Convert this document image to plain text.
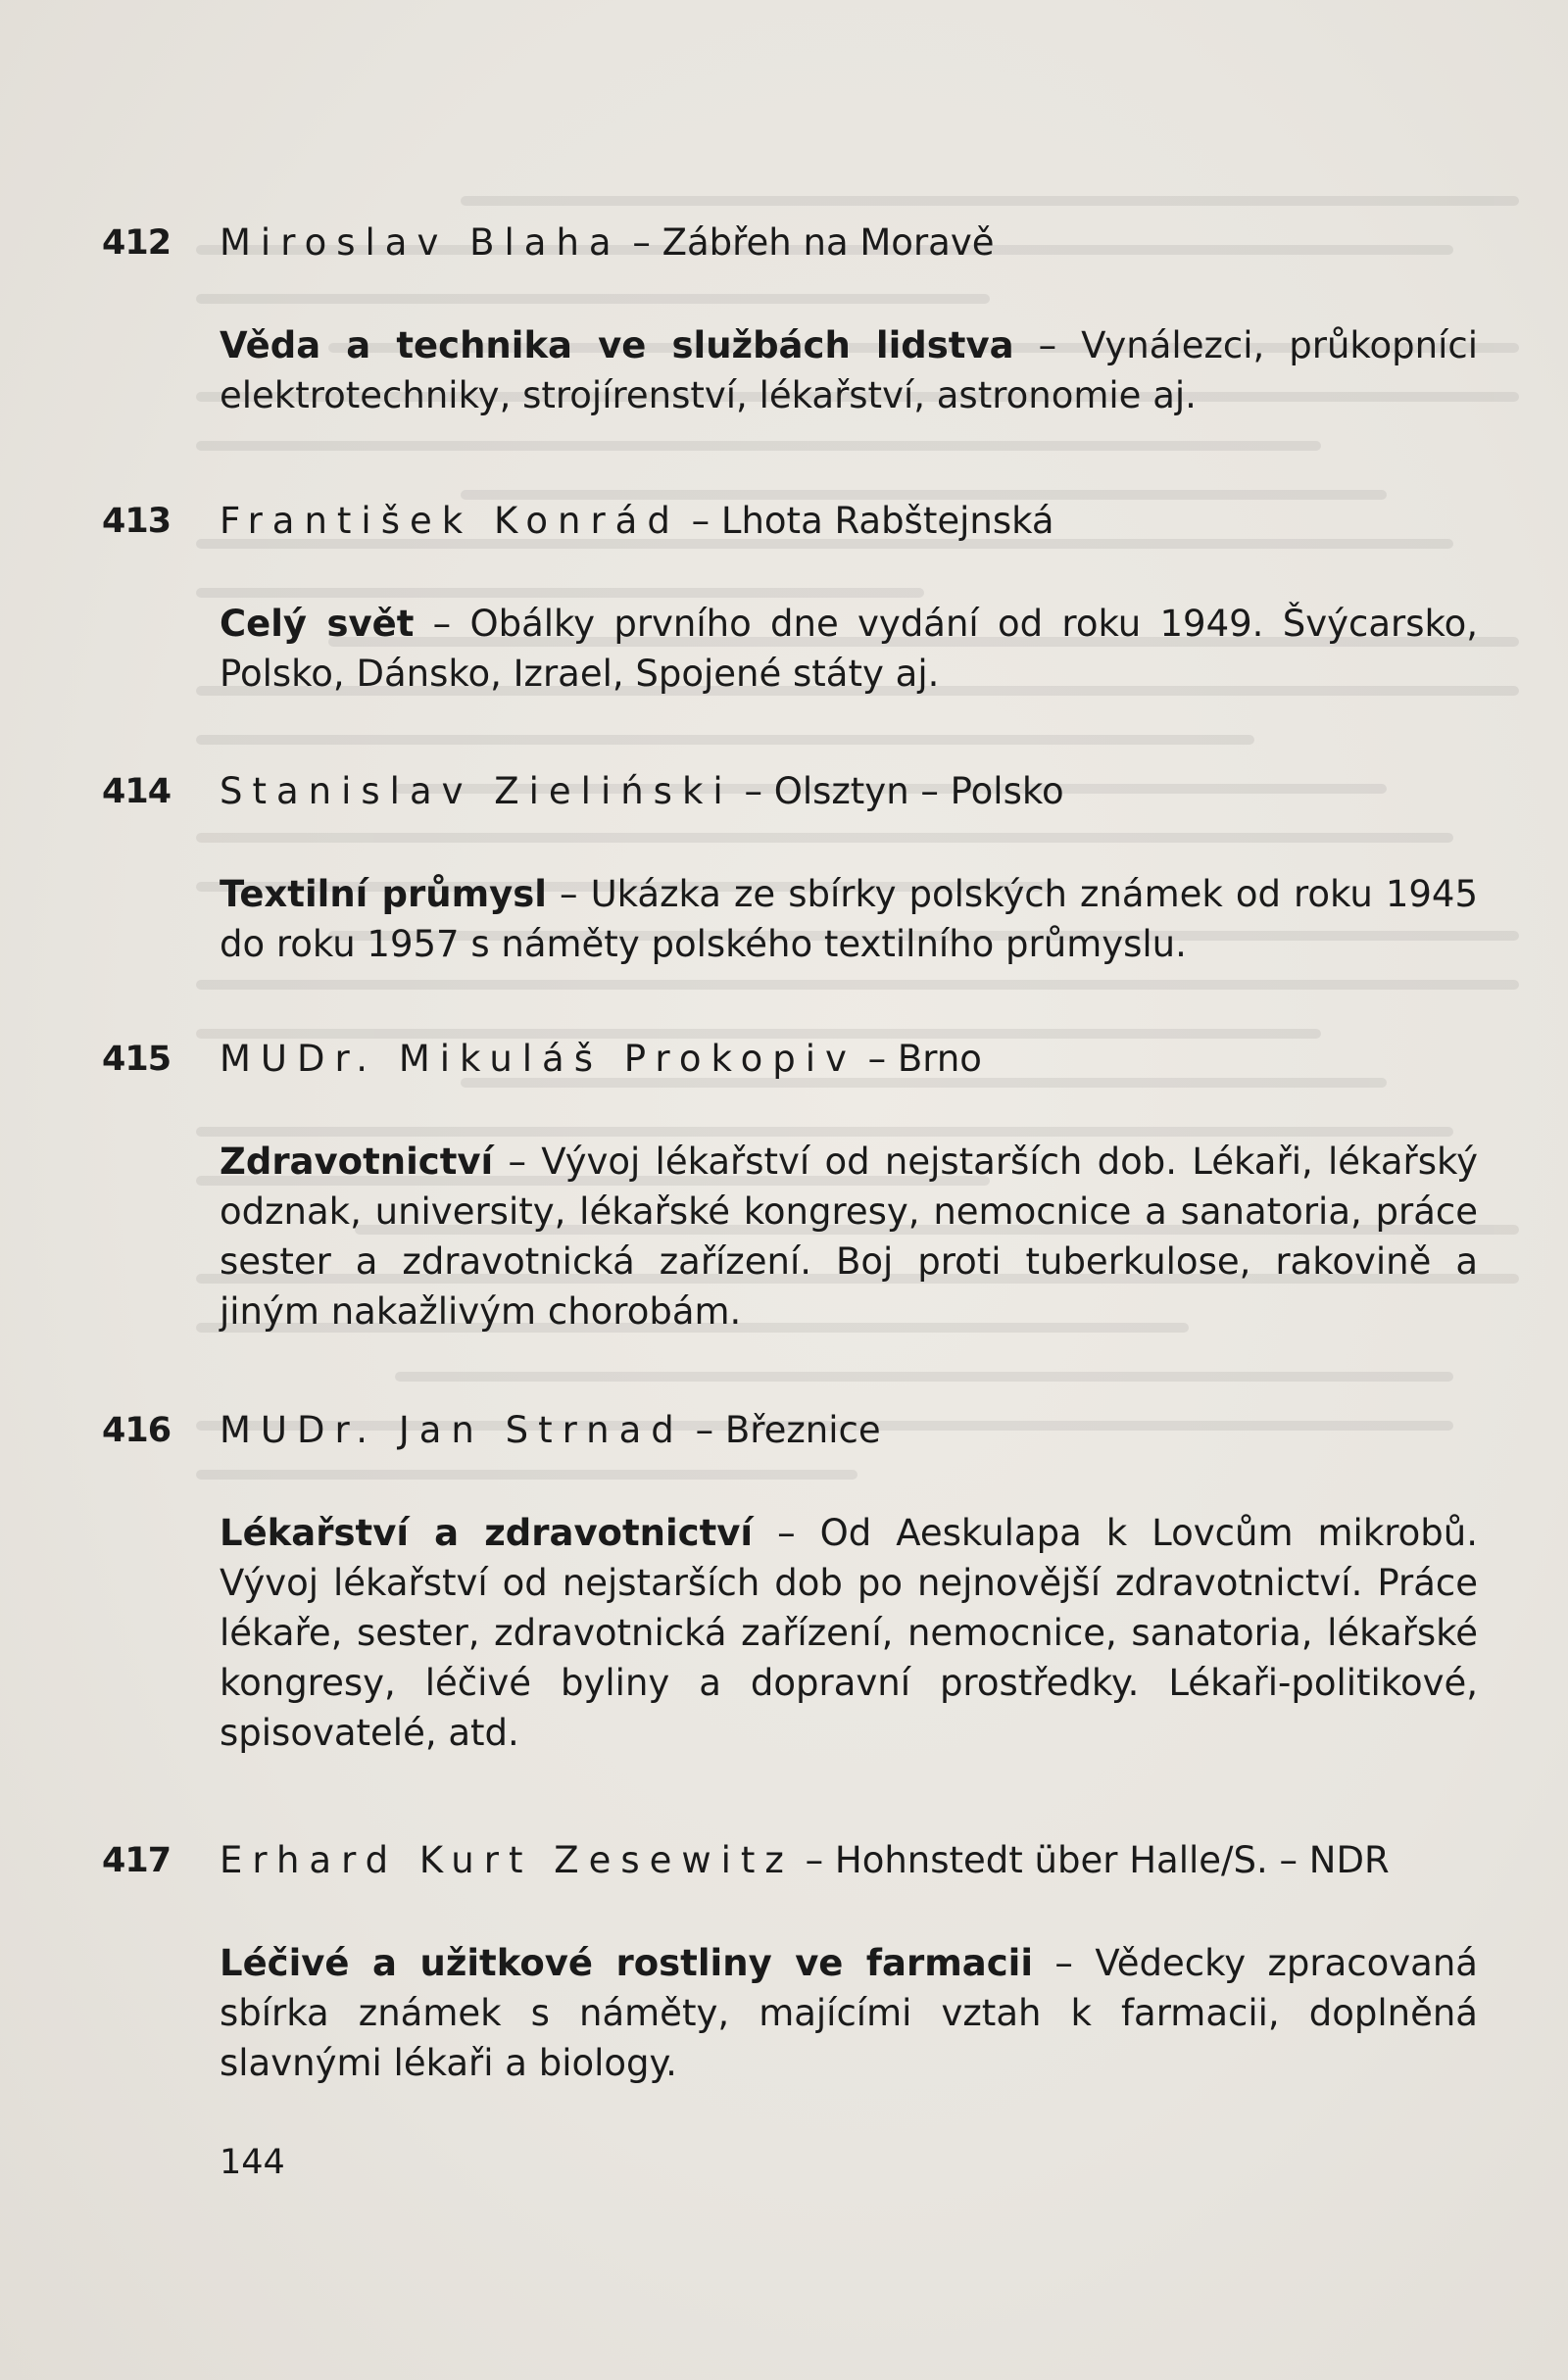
412 Miroslav Blaha – Zábřeh na Moravě
Věda a technika ve službách lidstva – Vynálezci, průkopníci elektrotechniky, strojírenství, lékařství, astronomie aj.
413 František Konrád – Lhota Rabštejnská
Celý svět – Obálky prvního dne vydání od roku 1949. Švýcarsko, Polsko, Dánsko, Izrael, Spojené státy aj.
414 Stanislav Zieliński – Olsztyn – Polsko
Textilní průmysl – Ukázka ze sbírky polských známek od roku 1945 do roku 1957 s náměty polského textilního průmyslu.
415 MUDr. Mikuláš Prokopiv – Brno
Zdravotnictví – Vývoj lékařství od nejstarších dob. Lékaři, lékařský odznak, university, lékařské kongresy, nemocnice a sanatoria, práce sester a zdravotnická zařízení. Boj proti tuberkulose, rakovině a jiným nakažlivým chorobám.
416 MUDr. Jan Strnad – Březnice
Lékařství a zdravotnictví – Od Aeskulapa k Lovcům mikrobů. Vývoj lékařství od nejstarších dob po nejnovější zdravotnictví. Práce lékaře, sester, zdravotnická zařízení, nemocnice, sanatoria, lékařské kongresy, léčivé byliny a dopravní prostředky. Lékaři-politikové, spisovatelé, atd.
417 Erhard Kurt Zesewitz – Hohnstedt über Halle/S. – NDR
Léčivé a užitkové rostliny ve farmacii – Vědecky zpracovaná sbírka známek s náměty, majícími vztah k farmacii, doplněná slavnými lékaři a biology.
144
